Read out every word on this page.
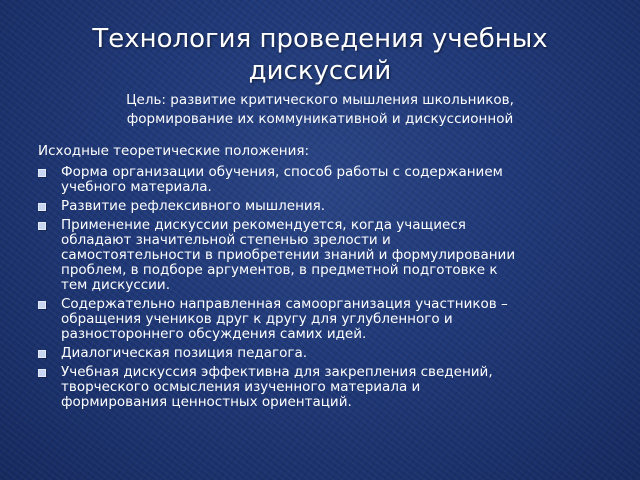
Технология проведения учебных
дискуссий
Цель: развитие критического мышления школьников,
формирование их коммуникативной и дискуссионной

Исходные теоретические положения:

Форма организации обучения, способ работы с содержанием
учебного материала.
Развитие рефлексивного мышления.
Применение дискуссии рекомендуется, когда учащиеся
обладают значительной степенью зрелости и
самостоятельности в приобретении знаний и формулировании
проблем, в подборе аргументов, в предметной подготовке к
тем дискуссии.
Содержательно направленная самоорганизация участников –
обращения учеников друг к другу для углубленного и
разностороннего обсуждения самих идей.
Диалогическая позиция педагога.
Учебная дискуссия эффективна для закрепления сведений,
творческого осмысления изученного материала и
формирования ценностных ориентаций.
